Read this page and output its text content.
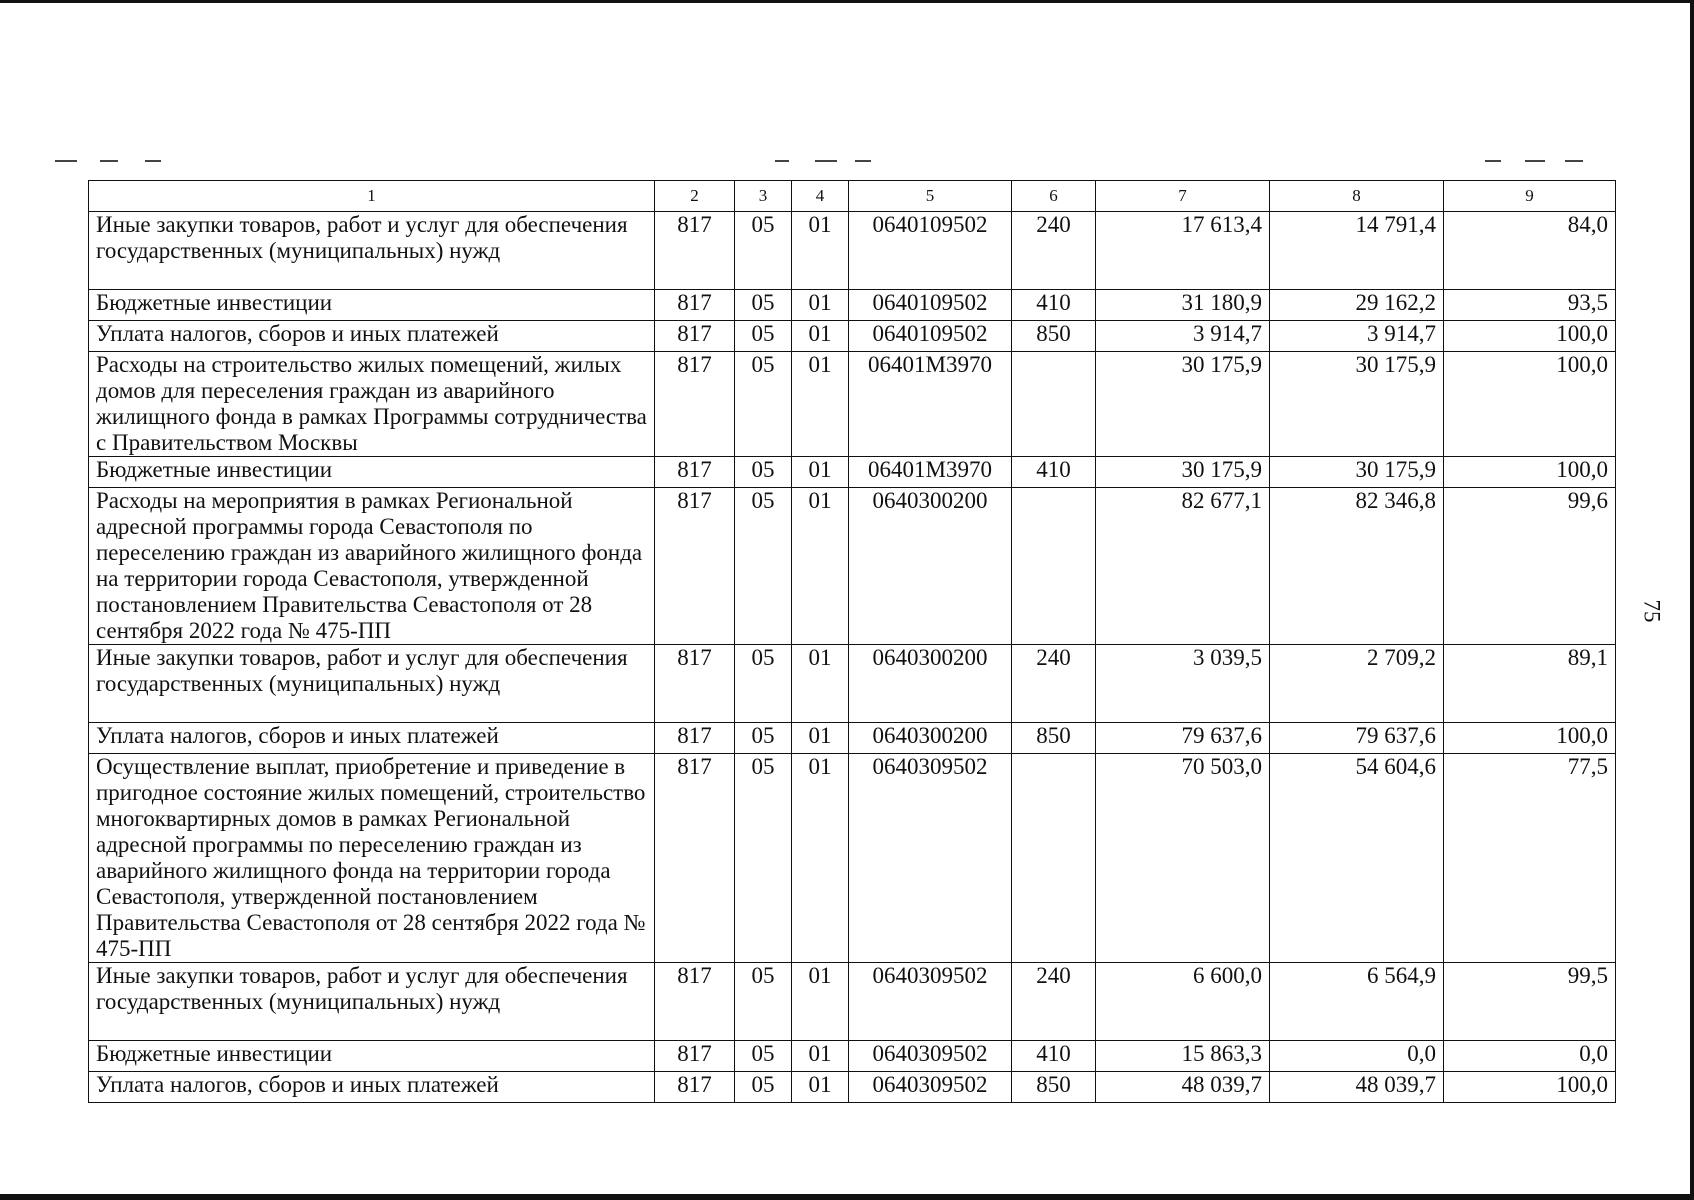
75
1	2	3	4	5	6	7	8	9
Иные закупки товаров, работ и услуг для обеспечения государственных (муниципальных) нужд	817	05	01	0640109502	240	17 613,4	14 791,4	84,0
Бюджетные инвестиции	817	05	01	0640109502	410	31 180,9	29 162,2	93,5
Уплата налогов, сборов и иных платежей	817	05	01	0640109502	850	3 914,7	3 914,7	100,0
Расходы на строительство жилых помещений, жилых домов для переселения граждан из аварийного жилищного фонда в рамках Программы сотрудничества с Правительством Москвы	817	05	01	06401М3970		30 175,9	30 175,9	100,0
Бюджетные инвестиции	817	05	01	06401М3970	410	30 175,9	30 175,9	100,0
Расходы на мероприятия в рамках Региональной адресной программы города Севастополя по переселению граждан из аварийного жилищного фонда на территории города Севастополя, утвержденной постановлением Правительства Севастополя от 28 сентября 2022 года № 475-ПП	817	05	01	0640300200		82 677,1	82 346,8	99,6
Иные закупки товаров, работ и услуг для обеспечения государственных (муниципальных) нужд	817	05	01	0640300200	240	3 039,5	2 709,2	89,1
Уплата налогов, сборов и иных платежей	817	05	01	0640300200	850	79 637,6	79 637,6	100,0
Осуществление выплат, приобретение и приведение в пригодное состояние жилых помещений, строительство многоквартирных домов в рамках Региональной адресной программы по переселению граждан из аварийного жилищного фонда на территории города Севастополя, утвержденной постановлением Правительства Севастополя от 28 сентября 2022 года № 475-ПП	817	05	01	0640309502		70 503,0	54 604,6	77,5
Иные закупки товаров, работ и услуг для обеспечения государственных (муниципальных) нужд	817	05	01	0640309502	240	6 600,0	6 564,9	99,5
Бюджетные инвестиции	817	05	01	0640309502	410	15 863,3	0,0	0,0
Уплата налогов, сборов и иных платежей	817	05	01	0640309502	850	48 039,7	48 039,7	100,0
